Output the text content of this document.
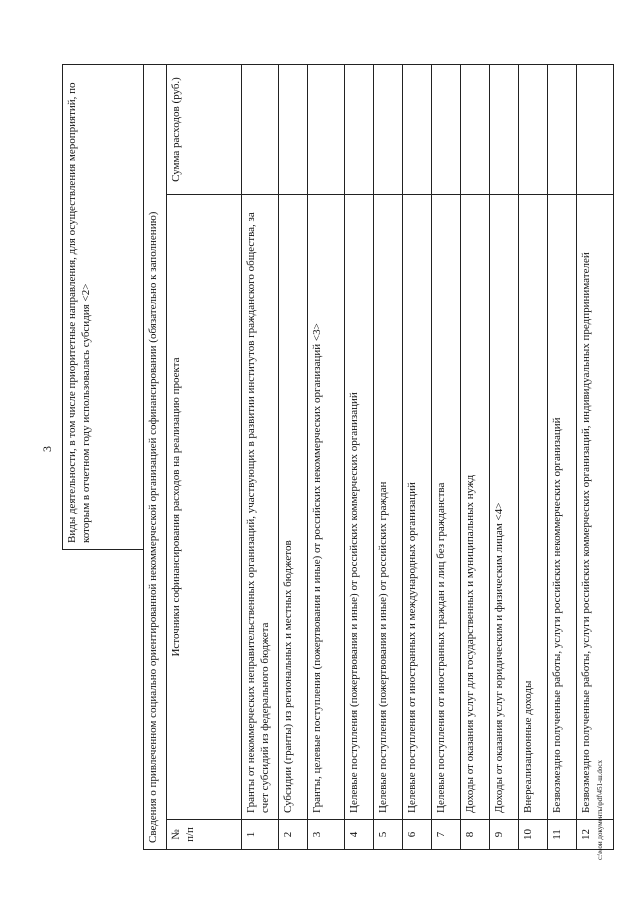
3
		Виды деятельности, в том числе приоритетные направления, для осуществления мероприятий, по которым в отчетном году использовалась субсидия <2>	
Сведения о привлеченном социально ориентированной некоммерческой организацией софинансировании (обязательно к заполнению)			
№ п/п	Источники софинансирования расходов на реализацию проекта		Сумма расходов (руб.)
1	Гранты от некоммерческих неправительственных организаций, участвующих в развитии институтов гражданского общества, за счет субсидий из федерального бюджета		
2	Субсидии (гранты) из региональных и местных бюджетов		
3	Гранты, целевые поступления (пожертвования и иные) от российских некоммерческих организаций <3>		
4	Целевые поступления (пожертвования и иные) от российских коммерческих организаций		
5	Целевые поступления (пожертвования и иные) от российских граждан		
6	Целевые поступления от иностранных и международных организаций		
7	Целевые поступления от иностранных граждан и лиц без гражданства		
8	Доходы от оказания услуг для государственных и муниципальных нужд		
9	Доходы от оказания услуг юридическим и физическим лицам <4>		
10	Внереализационные доходы		
11	Безвозмездно полученные работы, услуги российских некоммерческих организаций		
12	Безвозмездно полученные работы, услуги российских коммерческих организаций, индивидуальных предпринимателей		c:\мои документы\pdf\451-ш.docx
